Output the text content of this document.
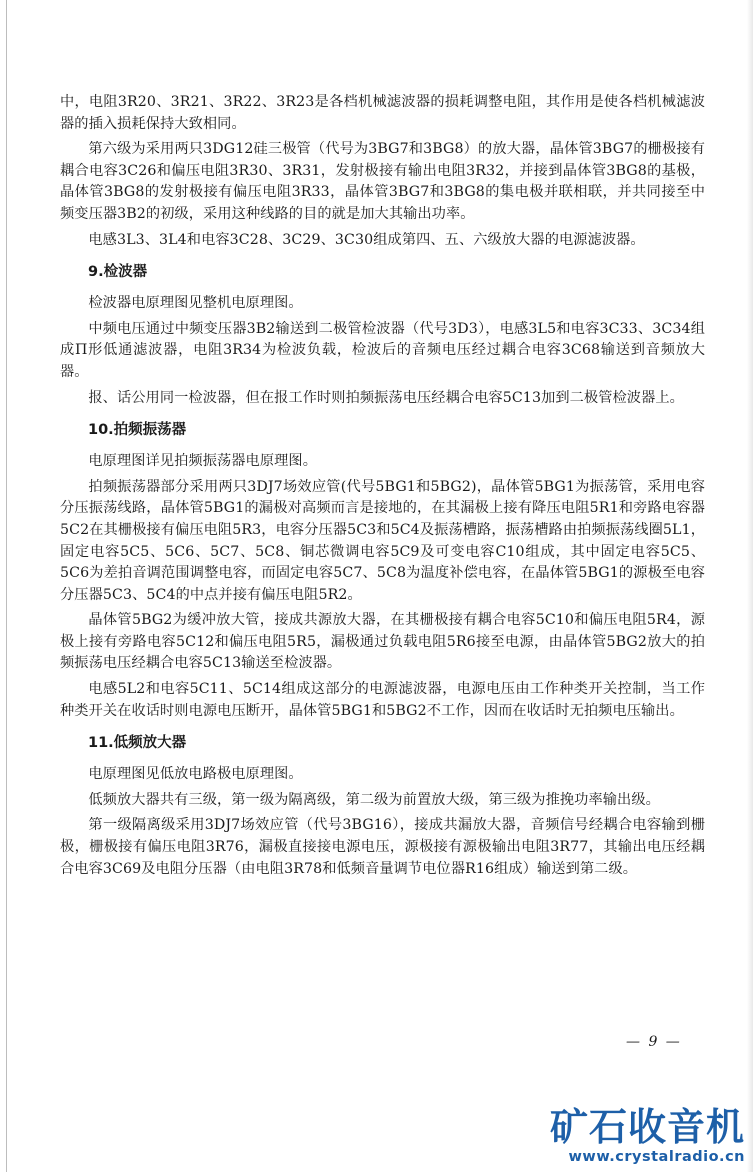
中，电阻3R20、3R21、3R22、3R23是各档机械滤波器的损耗调整电阻，其作用是使各档机械滤波器的插入损耗保持大致相同。

第六级为采用两只3DG12硅三极管（代号为3BG7和3BG8）的放大器，晶体管3BG7的栅极接有耦合电容3C26和偏压电阻3R30、3R31，发射极接有输出电阻3R32，并接到晶体管3BG8的基极，晶体管3BG8的发射极接有偏压电阻3R33，晶体管3BG7和3BG8的集电极并联相联，并共同接至中频变压器3B2的初级，采用这种线路的目的就是加大其输出功率。

电感3L3、3L4和电容3C28、3C29、3C30组成第四、五、六级放大器的电源滤波器。

9.检波器

检波器电原理图见整机电原理图。

中频电压通过中频变压器3B2输送到二极管检波器（代号3D3），电感3L5和电容3C33、3C34组成Π形低通滤波器，电阻3R34为检波负载，检波后的音频电压经过耦合电容3C68输送到音频放大器。

报、话公用同一检波器，但在报工作时则拍频振荡电压经耦合电容5C13加到二极管检波器上。

10.拍频振荡器

电原理图详见拍频振荡器电原理图。

拍频振荡器部分采用两只3DJ7场效应管(代号5BG1和5BG2)，晶体管5BG1为振荡管，采用电容分压振荡线路，晶体管5BG1的漏极对高频而言是接地的，在其漏极上接有降压电阻5R1和旁路电容器5C2在其栅极接有偏压电阻5R3，电容分压器5C3和5C4及振荡槽路，振荡槽路由拍频振荡线圈5L1，固定电容5C5、5C6、5C7、5C8、铜芯微调电容5C9及可变电容C10组成，其中固定电容5C5、5C6为差拍音调范围调整电容，而固定电容5C7、5C8为温度补偿电容，在晶体管5BG1的源极至电容分压器5C3、5C4的中点并接有偏压电阻5R2。

晶体管5BG2为缓冲放大管，接成共源放大器，在其栅极接有耦合电容5C10和偏压电阻5R4，源极上接有旁路电容5C12和偏压电阻5R5，漏极通过负载电阻5R6接至电源，由晶体管5BG2放大的拍频振荡电压经耦合电容5C13输送至检波器。

电感5L2和电容5C11、5C14组成这部分的电源滤波器，电源电压由工作种类开关控制，当工作种类开关在收话时则电源电压断开，晶体管5BG1和5BG2不工作，因而在收话时无拍频电压输出。

11.低频放大器

电原理图见低放电路极电原理图。

低频放大器共有三级，第一级为隔离级，第二级为前置放大级，第三级为推挽功率输出级。

第一级隔离级采用3DJ7场效应管（代号3BG16），接成共漏放大器，音频信号经耦合电容输到栅极，栅极接有偏压电阻3R76，漏极直接接电源电压，源极接有源极输出电阻3R77，其输出电压经耦合电容3C69及电阻分压器（由电阻3R78和低频音量调节电位器R16组成）输送到第二级。

— 9 —
矿石收音机
www.crystalradio.cn
